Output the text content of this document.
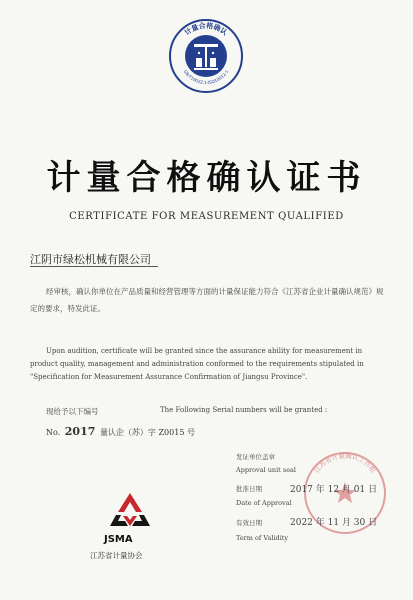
计量合格确认
GB/T19022.1-ISO10012-1
计量合格确认证书
CERTIFICATE FOR MEASUREMENT QUALIFIED
江阴市绿松机械有限公司
经审核，确认你单位在产品质量和经营管理等方面的计量保证能力符合《江苏省企业计量确认规范》规定的要求，特发此证。
Upon audition, certificate will be granted since the assurance ability for measurement in product quality, management and administration conformed to the requirements stipulated in "Specification for Measurement Assurance Confirmation of Jiangsu Province".
现给予以下编号	The Following Serial numbers will be granted :
No. 2017 量认企（苏）字 Z0015 号
江苏省计量确认工作组
发证单位盖章
Approval unit seal
批准日期	2017 年 12 月 01 日
Date of Approval
有效日期	2022 年 11 月 30 日
Term of Validity
JSMA
江苏省计量协会
